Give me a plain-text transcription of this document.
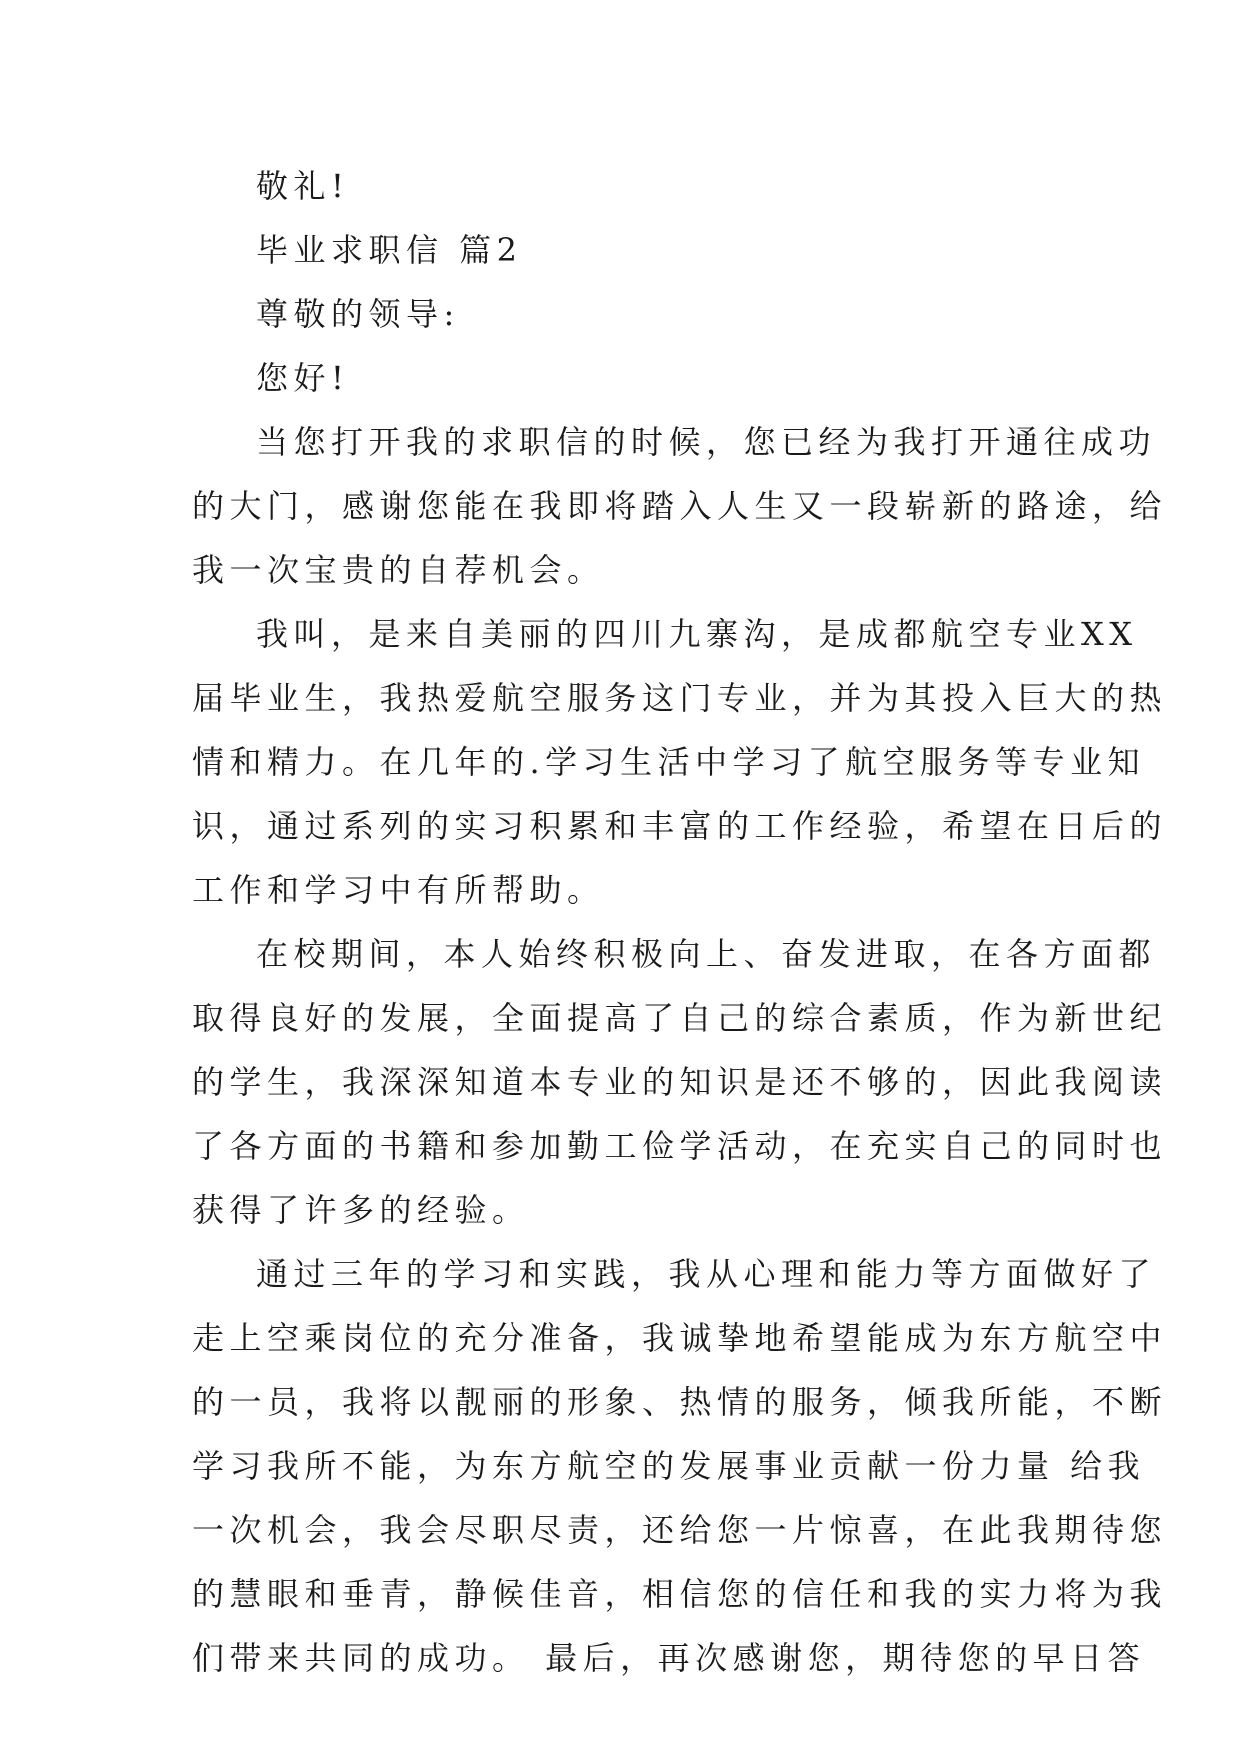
敬礼!
毕业求职信 篇2
尊敬的领导:
您好!
当您打开我的求职信的时候，您已经为我打开通往成功
的大门，感谢您能在我即将踏入人生又一段崭新的路途，给
我一次宝贵的自荐机会。
我叫，是来自美丽的四川九寨沟，是成都航空专业XX
届毕业生，我热爱航空服务这门专业，并为其投入巨大的热
情和精力。在几年的.学习生活中学习了航空服务等专业知
识，通过系列的实习积累和丰富的工作经验，希望在日后的
工作和学习中有所帮助。
在校期间，本人始终积极向上、奋发进取，在各方面都
取得良好的发展，全面提高了自己的综合素质，作为新世纪
的学生，我深深知道本专业的知识是还不够的，因此我阅读
了各方面的书籍和参加勤工俭学活动，在充实自己的同时也
获得了许多的经验。
通过三年的学习和实践，我从心理和能力等方面做好了
走上空乘岗位的充分准备，我诚挚地希望能成为东方航空中
的一员，我将以靓丽的形象、热情的服务，倾我所能，不断
学习我所不能，为东方航空的发展事业贡献一份力量 给我
一次机会，我会尽职尽责，还给您一片惊喜，在此我期待您
的慧眼和垂青，静候佳音，相信您的信任和我的实力将为我
们带来共同的成功。 最后，再次感谢您，期待您的早日答
